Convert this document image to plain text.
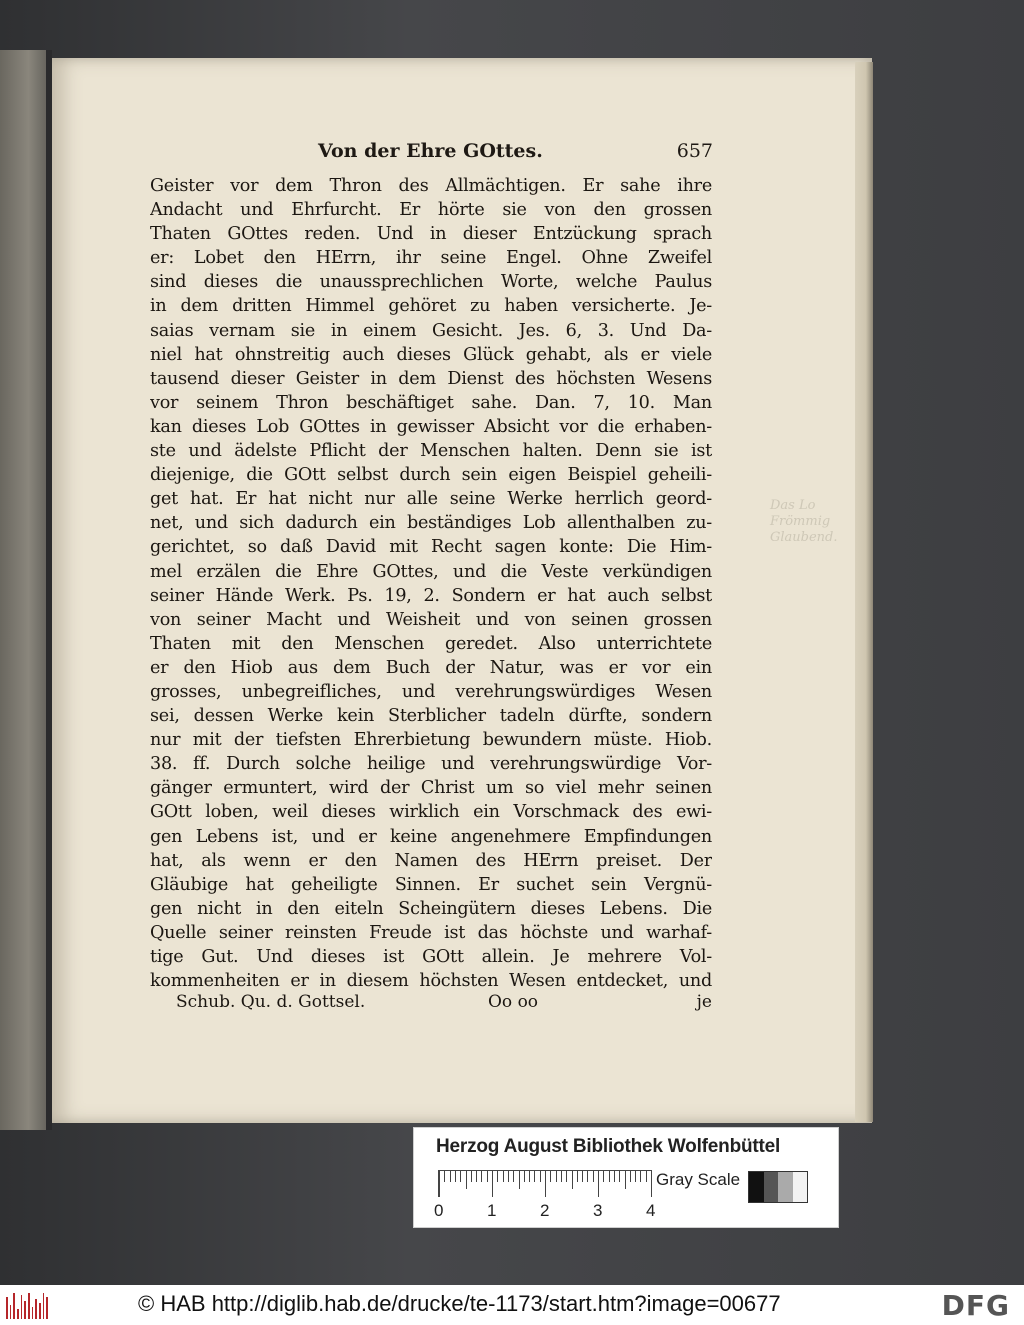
Das Lo
Frömmig
Glaubend.
Von der Ehre GOttes.	657
Geister vor dem Thron des Allmächtigen. Er sahe ihre
Andacht und Ehrfurcht. Er hörte sie von den grossen
Thaten GOttes reden. Und in dieser Entzückung sprach
er: Lobet den HErrn, ihr seine Engel. Ohne Zweifel
sind dieses die unaussprechlichen Worte, welche Paulus
in dem dritten Himmel gehöret zu haben versicherte. Je-
saias vernam sie in einem Gesicht. Jes. 6, 3. Und Da-
niel hat ohnstreitig auch dieses Glück gehabt, als er viele
tausend dieser Geister in dem Dienst des höchsten Wesens
vor seinem Thron beschäftiget sahe. Dan. 7, 10. Man
kan dieses Lob GOttes in gewisser Absicht vor die erhaben-
ste und ädelste Pflicht der Menschen halten. Denn sie ist
diejenige, die GOtt selbst durch sein eigen Beispiel geheili-
get hat. Er hat nicht nur alle seine Werke herrlich geord-
net, und sich dadurch ein beständiges Lob allenthalben zu-
gerichtet, so daß David mit Recht sagen konte: Die Him-
mel erzälen die Ehre GOttes, und die Veste verkündigen
seiner Hände Werk. Ps. 19, 2. Sondern er hat auch selbst
von seiner Macht und Weisheit und von seinen grossen
Thaten mit den Menschen geredet. Also unterrichtete
er den Hiob aus dem Buch der Natur, was er vor ein
grosses, unbegreifliches, und verehrungswürdiges Wesen
sei, dessen Werke kein Sterblicher tadeln dürfte, sondern
nur mit der tiefsten Ehrerbietung bewundern müste. Hiob.
38. ff. Durch solche heilige und verehrungswürdige Vor-
gänger ermuntert, wird der Christ um so viel mehr seinen
GOtt loben, weil dieses wirklich ein Vorschmack des ewi-
gen Lebens ist, und er keine angenehmere Empfindungen
hat, als wenn er den Namen des HErrn preiset. Der
Gläubige hat geheiligte Sinnen. Er suchet sein Vergnü-
gen nicht in den eiteln Scheingütern dieses Lebens. Die
Quelle seiner reinsten Freude ist das höchste und warhaf-
tige Gut. Und dieses ist GOtt allein. Je mehrere Vol-
kommenheiten er in diesem höchsten Wesen entdecket, und
Schub. Qu. d. Gottsel.	Oo oo	je
Herzog August Bibliothek Wolfenbüttel
0	1	2	3	4
Gray Scale
© HAB http://diglib.hab.de/drucke/te-1173/start.htm?image=00677	DFG
